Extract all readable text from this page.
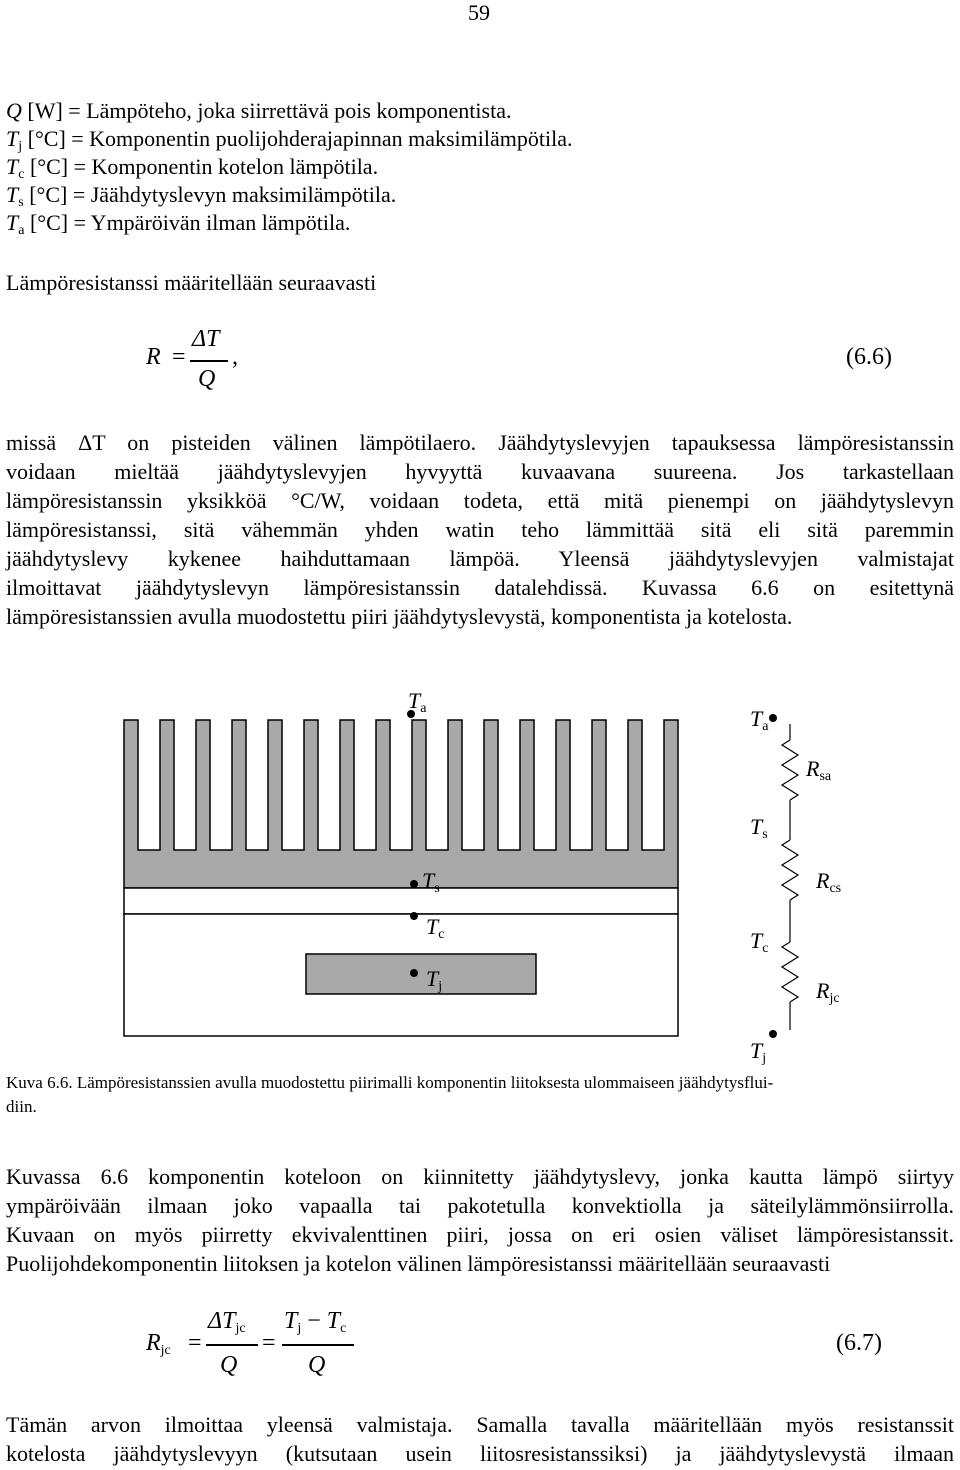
59
Q [W] = Lämpöteho, joka siirrettävä pois komponentista.
$T_j$ [°C] = Komponentin puolijohderajapinnan maksimilämpötila.
$T_c$ [°C] = Komponentin kotelon lämpötila.
$T_s$ [°C] = Jäähdytyslevyn maksimilämpötila.
$T_a$ [°C] = Ympäröivän ilman lämpötila.
Lämpöresistanssi määritellään seuraavasti
R =
ΔT
Q
,	(6.6)
missä ΔT on pisteiden välinen lämpötilaero. Jäähdytyslevyjen tapauksessa lämpöresistanssin
voidaan mieltää jäähdytyslevyjen hyvyyttä kuvaavana suureena. Jos tarkastellaan
lämpöresistanssin yksikköä °C/W, voidaan todeta, että mitä pienempi on jäähdytyslevyn
lämpöresistanssi, sitä vähemmän yhden watin teho lämmittää sitä eli sitä paremmin
jäähdytyslevy kykenee haihduttamaan lämpöä. Yleensä jäähdytyslevyjen valmistajat
ilmoittavat jäähdytyslevyn lämpöresistanssin datalehdissä. Kuvassa 6.6 on esitettynä
lämpöresistanssien avulla muodostettu piiri jäähdytyslevystä, komponentista ja kotelosta.
$T_a$
$T_s$
$T_c$
$T_j$
$T_a$
$R_{sa}$
$T_s$
$R_{cs}$
$T_c$
$R_{jc}$
$T_j$
Kuva 6.6. Lämpöresistanssien avulla muodostettu piirimalli komponentin liitoksesta ulommaiseen jäähdytysflui-
diin.
Kuvassa 6.6 komponentin koteloon on kiinnitetty jäähdytyslevy, jonka kautta lämpö siirtyy
ympäröivään ilmaan joko vapaalla tai pakotetulla konvektiolla ja säteilylämmönsiirrolla.
Kuvaan on myös piirretty ekvivalenttinen piiri, jossa on eri osien väliset lämpöresistanssit.
Puolijohdekomponentin liitoksen ja kotelon välinen lämpöresistanssi määritellään seuraavasti
$R_{jc}$ =
$\Delta T_{jc}$
Q
=
$T_j - T_c$
Q
(6.7)
Tämän arvon ilmoittaa yleensä valmistaja. Samalla tavalla määritellään myös resistanssit
kotelosta jäähdytyslevyyn (kutsutaan usein liitosresistanssiksi) ja jäähdytyslevystä ilmaan
